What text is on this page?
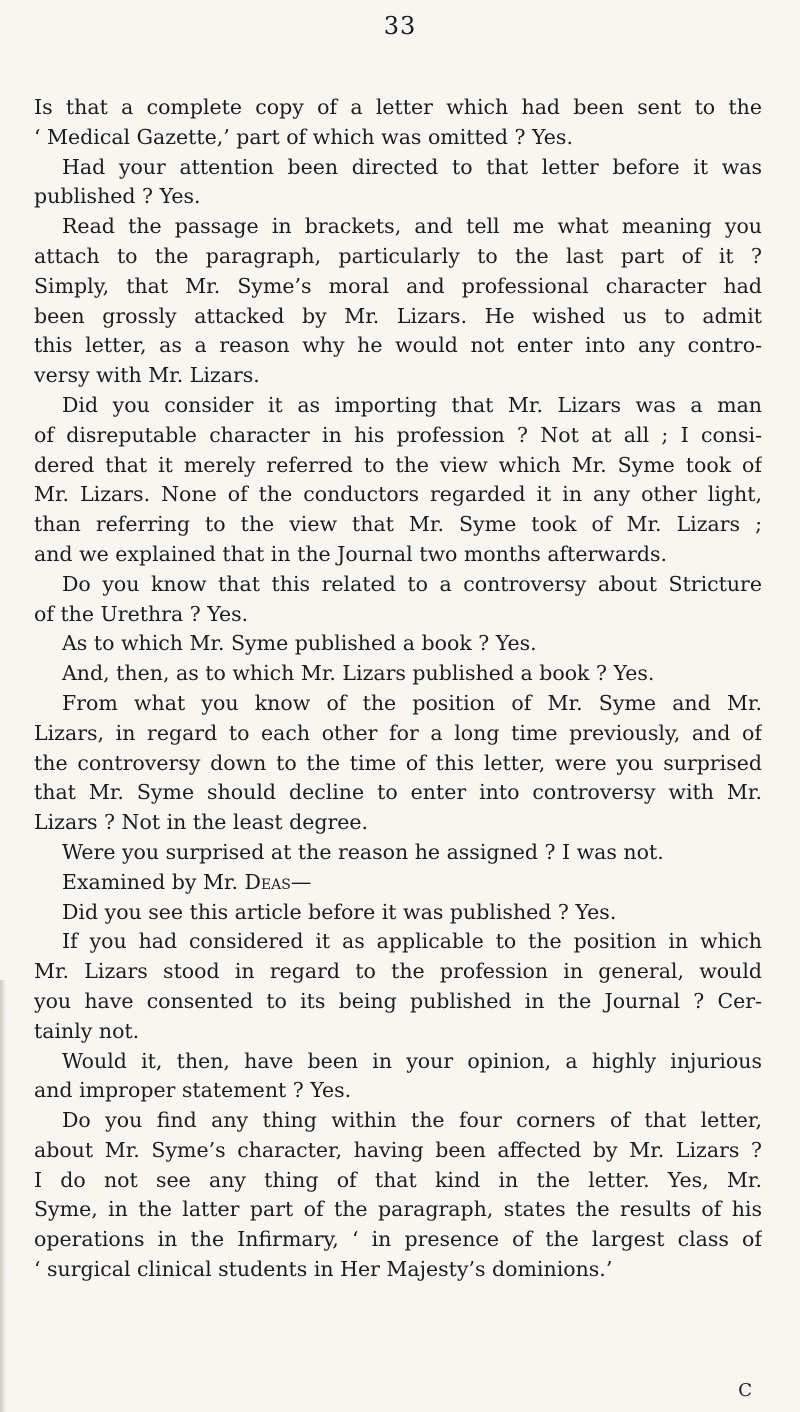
33
Is that a complete copy of a letter which had been sent to the
‘ Medical Gazette,’ part of which was omitted ? Yes.
Had your attention been directed to that letter before it was
published ? Yes.
Read the passage in brackets, and tell me what meaning you
attach to the paragraph, particularly to the last part of it ?
Simply, that Mr. Syme’s moral and professional character had
been grossly attacked by Mr. Lizars. He wished us to admit
this letter, as a reason why he would not enter into any contro-
versy with Mr. Lizars.
Did you consider it as importing that Mr. Lizars was a man
of disreputable character in his profession ? Not at all ; I consi-
dered that it merely referred to the view which Mr. Syme took of
Mr. Lizars. None of the conductors regarded it in any other light,
than referring to the view that Mr. Syme took of Mr. Lizars ;
and we explained that in the Journal two months afterwards.
Do you know that this related to a controversy about Stricture
of the Urethra ? Yes.
As to which Mr. Syme published a book ? Yes.
And, then, as to which Mr. Lizars published a book ? Yes.
From what you know of the position of Mr. Syme and Mr.
Lizars, in regard to each other for a long time previously, and of
the controversy down to the time of this letter, were you surprised
that Mr. Syme should decline to enter into controversy with Mr.
Lizars ? Not in the least degree.
Were you surprised at the reason he assigned ? I was not.
Examined by Mr. Deas—
Did you see this article before it was published ? Yes.
If you had considered it as applicable to the position in which
Mr. Lizars stood in regard to the profession in general, would
you have consented to its being published in the Journal ? Cer-
tainly not.
Would it, then, have been in your opinion, a highly injurious
and improper statement ? Yes.
Do you find any thing within the four corners of that letter,
about Mr. Syme’s character, having been affected by Mr. Lizars ?
I do not see any thing of that kind in the letter. Yes, Mr.
Syme, in the latter part of the paragraph, states the results of his
operations in the Infirmary, ‘ in presence of the largest class of
‘ surgical clinical students in Her Majesty’s dominions.’
C
